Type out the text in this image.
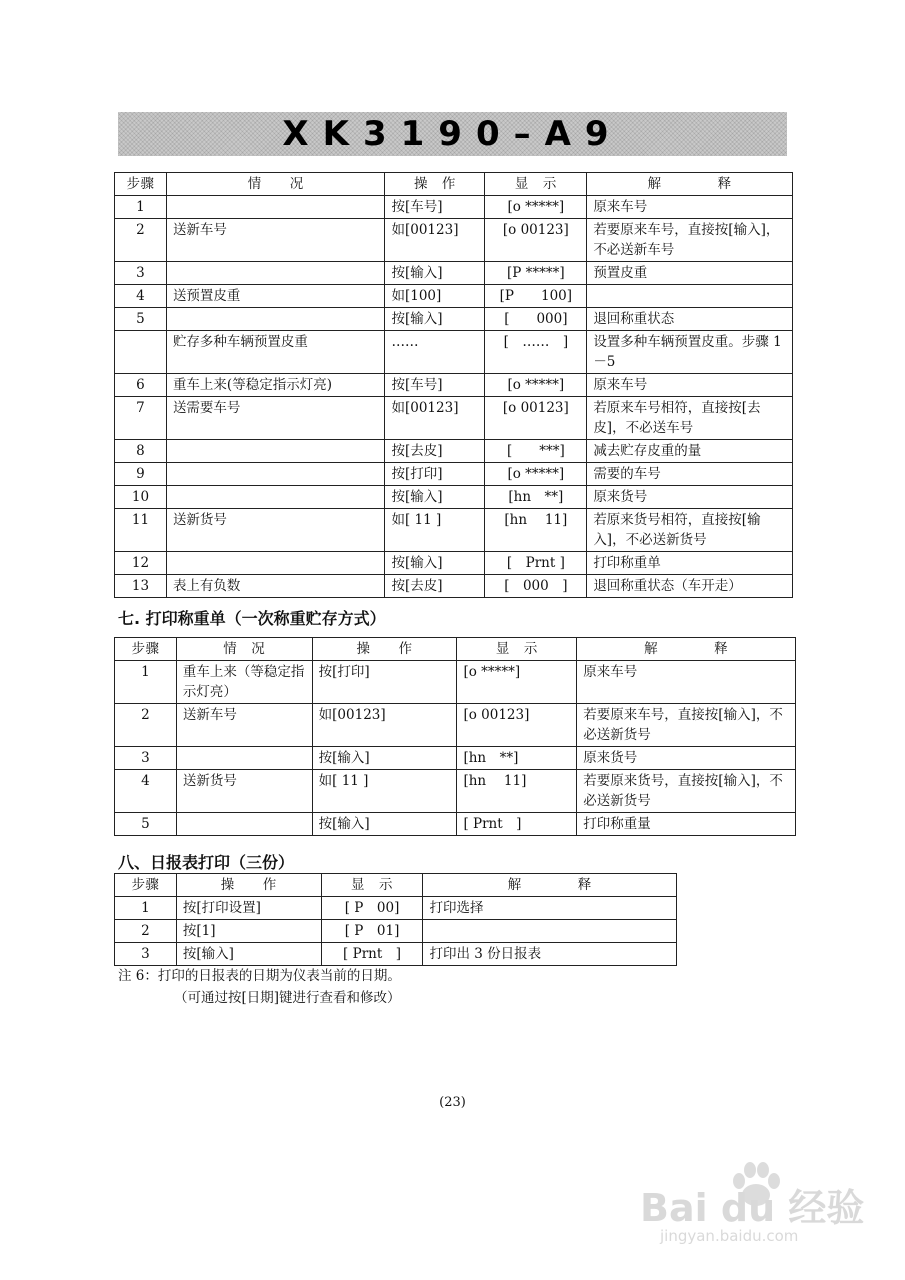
XK3190–A9
步骤	情　　况	操　作	显　示	解　　　　释
1		按[车号]	[o *****]	原来车号
2	送新车号	如[00123]	[o 00123]	若要原来车号，直接按[输入]，不必送新车号
3		按[输入]	[P *****]	预置皮重
4	送预置皮重	如[100]	[P　　100]	
5		按[输入]	[　　000]	退回称重状态
	贮存多种车辆预置皮重	……	[　……　]	设置多种车辆预置皮重。步骤 1－5
6	重车上来(等稳定指示灯亮)	按[车号]	[o *****]	原来车号
7	送需要车号	如[00123]	[o 00123]	若原来车号相符，直接按[去皮]，不必送车号
8		按[去皮]	[　　***]	减去贮存皮重的量
9		按[打印]	[o *****]	需要的车号
10		按[输入]	[hn　**]	原来货号
11	送新货号	如[ 11 ]	[hn　 11]	若原来货号相符，直接按[输入]，不必送新货号
12		按[输入]	[　Prnt ]	打印称重单
13	表上有负数	按[去皮]	[　000　]	退回称重状态（车开走）
七. 打印称重单（一次称重贮存方式）
步骤	情　况	操　　作	显　示	解　　　　释
1	重车上来（等稳定指示灯亮）	按[打印]	[o *****]	原来车号
2	送新车号	如[00123]	[o 00123]	若要原来车号，直接按[输入]，不必送新货号
3		按[输入]	[hn　**]	原来货号
4	送新货号	如[ 11 ]	[hn　 11]	若要原来货号，直接按[输入]，不必送新货号
5		按[输入]	[ Prnt　]	打印称重量
八、日报表打印（三份）
步骤	操　　作	显　示	解　　　　释
1	按[打印设置]	[ P　00]	打印选择
2	按[1]	[ P　01]	
3	按[输入]	[ Prnt　]	打印出 3 份日报表
注 6：打印的日报表的日期为仪表当前的日期。
（可通过按[日期]键进行查看和修改）
(23)
Bai du 经验
jingyan.baidu.com
